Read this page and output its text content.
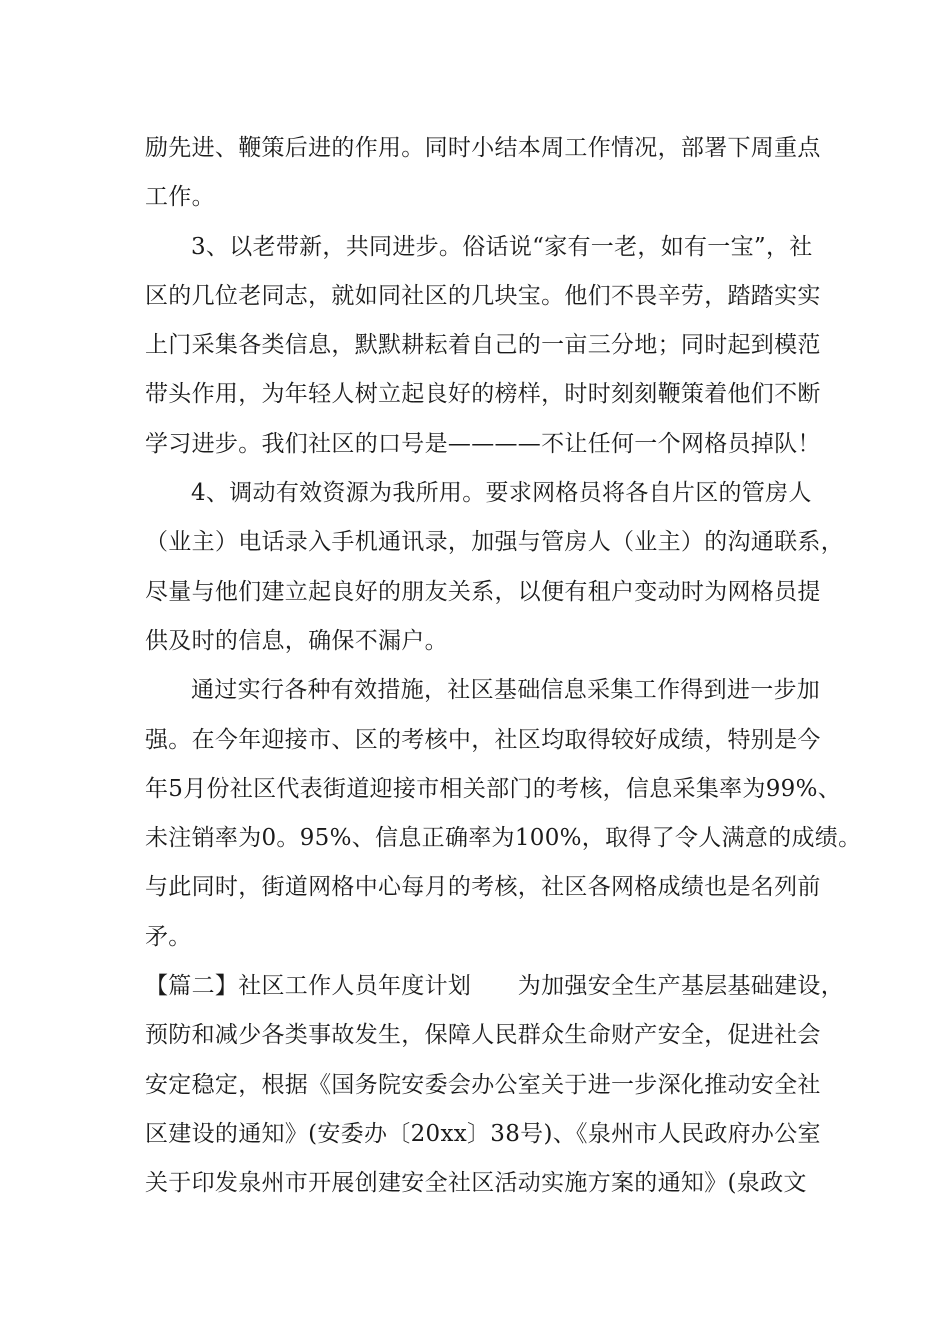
励先进、鞭策后进的作用。同时小结本周工作情况，部署下周重点
工作。
3、以老带新，共同进步。俗话说“家有一老，如有一宝”，社
区的几位老同志，就如同社区的几块宝。他们不畏辛劳，踏踏实实
上门采集各类信息，默默耕耘着自己的一亩三分地；同时起到模范
带头作用，为年轻人树立起良好的榜样，时时刻刻鞭策着他们不断
学习进步。我们社区的口号是————不让任何一个网格员掉队！
4、调动有效资源为我所用。要求网格员将各自片区的管房人
（业主）电话录入手机通讯录，加强与管房人（业主）的沟通联系，
尽量与他们建立起良好的朋友关系，以便有租户变动时为网格员提
供及时的信息，确保不漏户。
通过实行各种有效措施，社区基础信息采集工作得到进一步加
强。在今年迎接市、区的考核中，社区均取得较好成绩，特别是今
年5月份社区代表街道迎接市相关部门的考核，信息采集率为99%、
未注销率为0。95%、信息正确率为100%，取得了令人满意的成绩。
与此同时，街道网格中心每月的考核，社区各网格成绩也是名列前
矛。
【篇二】社区工作人员年度计划　　为加强安全生产基层基础建设，
预防和减少各类事故发生，保障人民群众生命财产安全，促进社会
安定稳定，根据《国务院安委会办公室关于进一步深化推动安全社
区建设的通知》(安委办〔20xx〕38号)、《泉州市人民政府办公室
关于印发泉州市开展创建安全社区活动实施方案的通知》(泉政文
